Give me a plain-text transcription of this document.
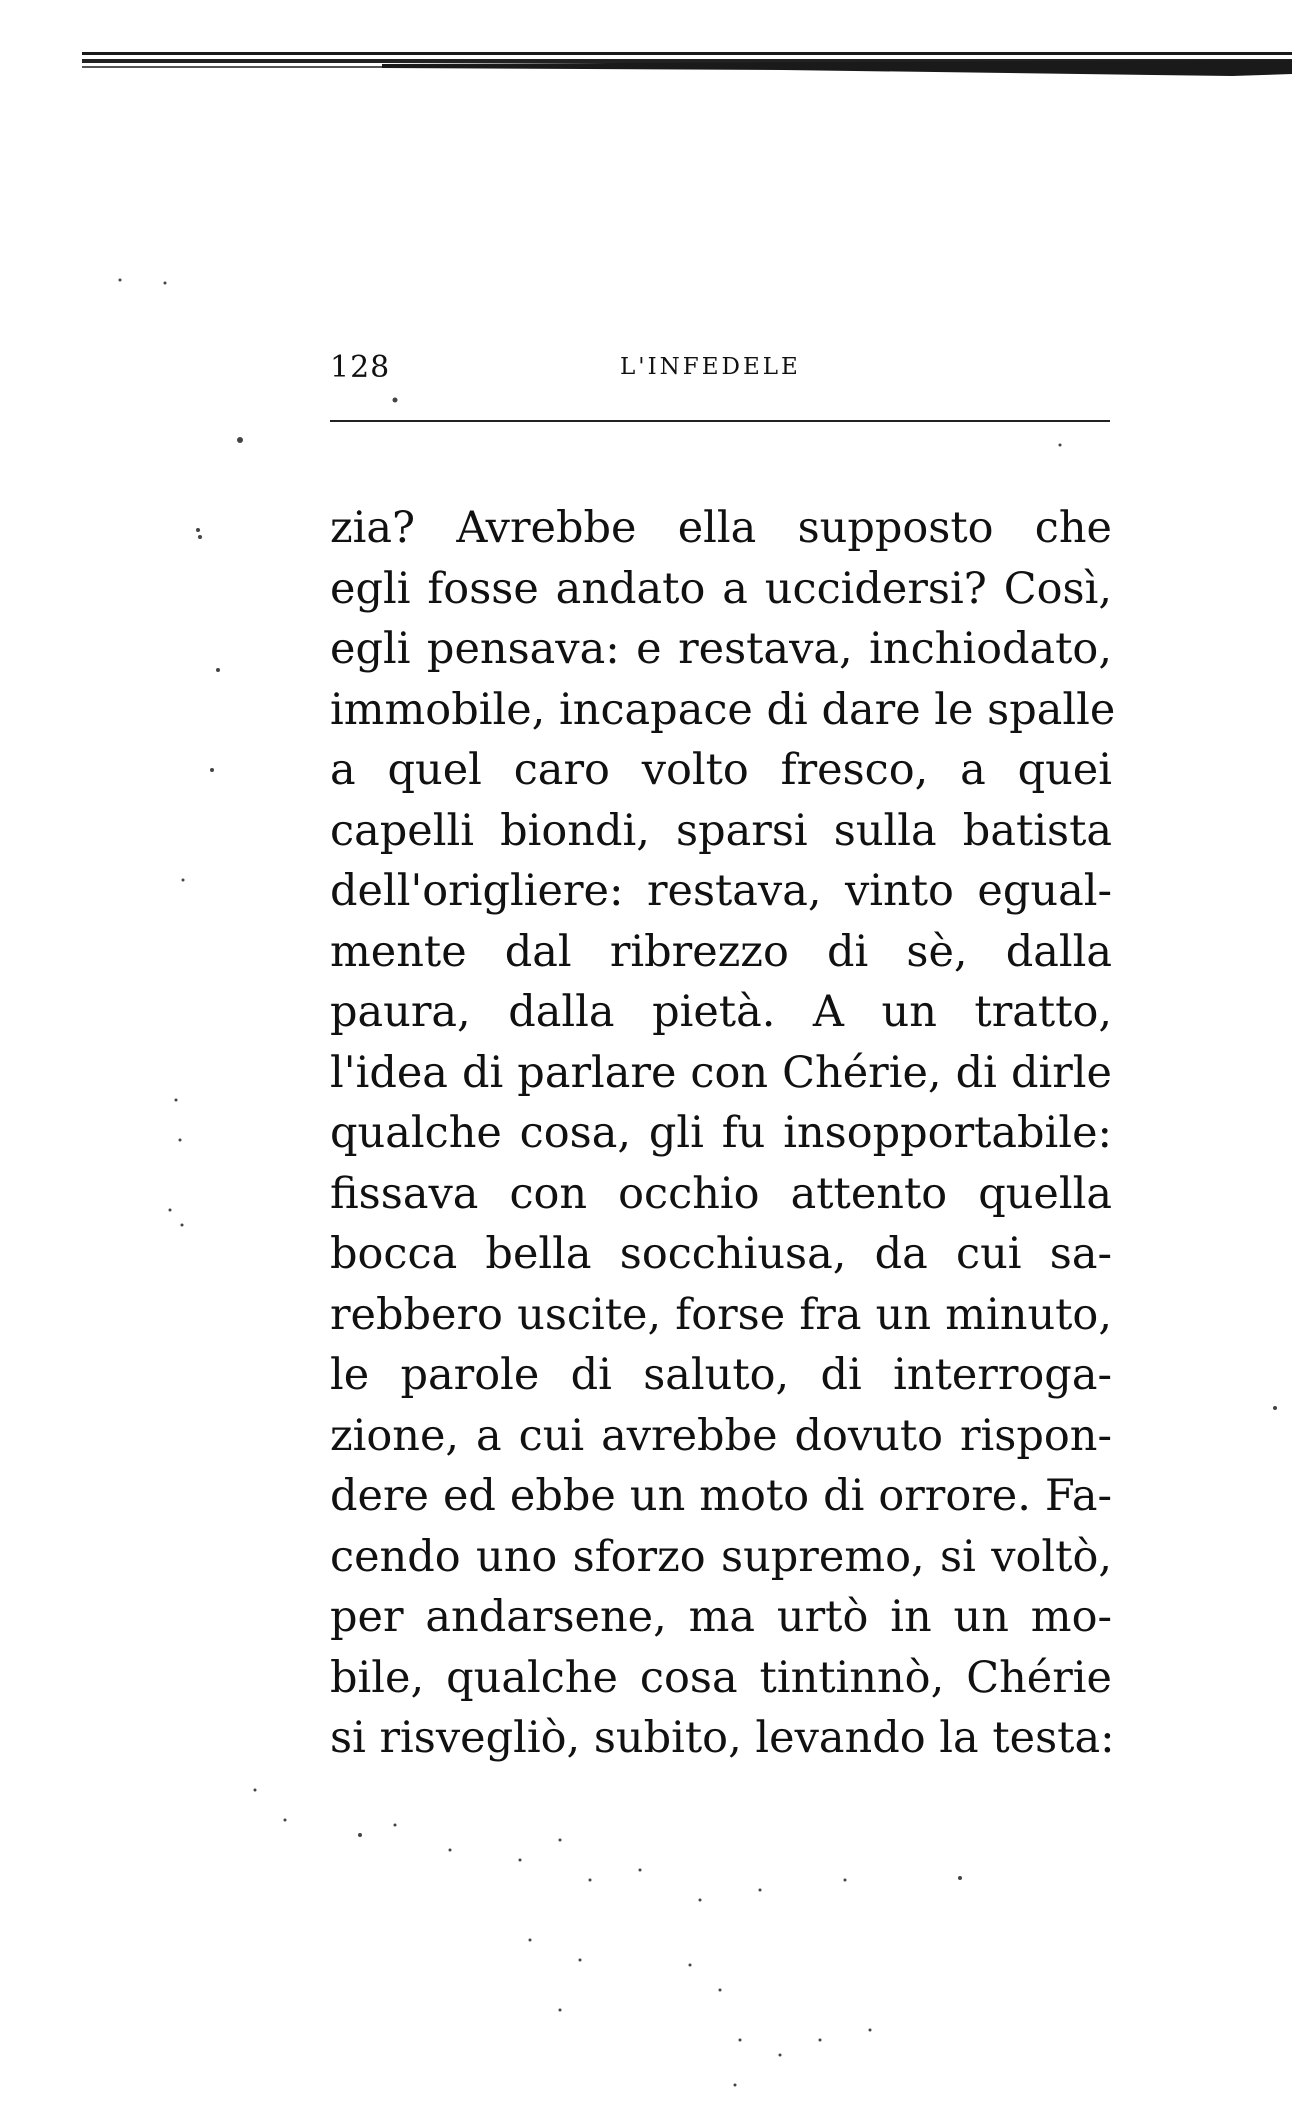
128	L'INFEDELE
zia? Avrebbe ella supposto che
egli fosse andato a uccidersi? Così,
egli pensava: e restava, inchiodato,
immobile, incapace di dare le spalle
a quel caro volto fresco, a quei
capelli biondi, sparsi sulla batista
dell'origliere: restava, vinto egual-
mente dal ribrezzo di sè, dalla
paura, dalla pietà. A un tratto,
l'idea di parlare con Chérie, di dirle
qualche cosa, gli fu insopportabile:
fissava con occhio attento quella
bocca bella socchiusa, da cui sa-
rebbero uscite, forse fra un minuto,
le parole di saluto, di interroga-
zione, a cui avrebbe dovuto rispon-
dere ed ebbe un moto di orrore. Fa-
cendo uno sforzo supremo, si voltò,
per andarsene, ma urtò in un mo-
bile, qualche cosa tintinnò, Chérie
si risvegliò, subito, levando la testa:
